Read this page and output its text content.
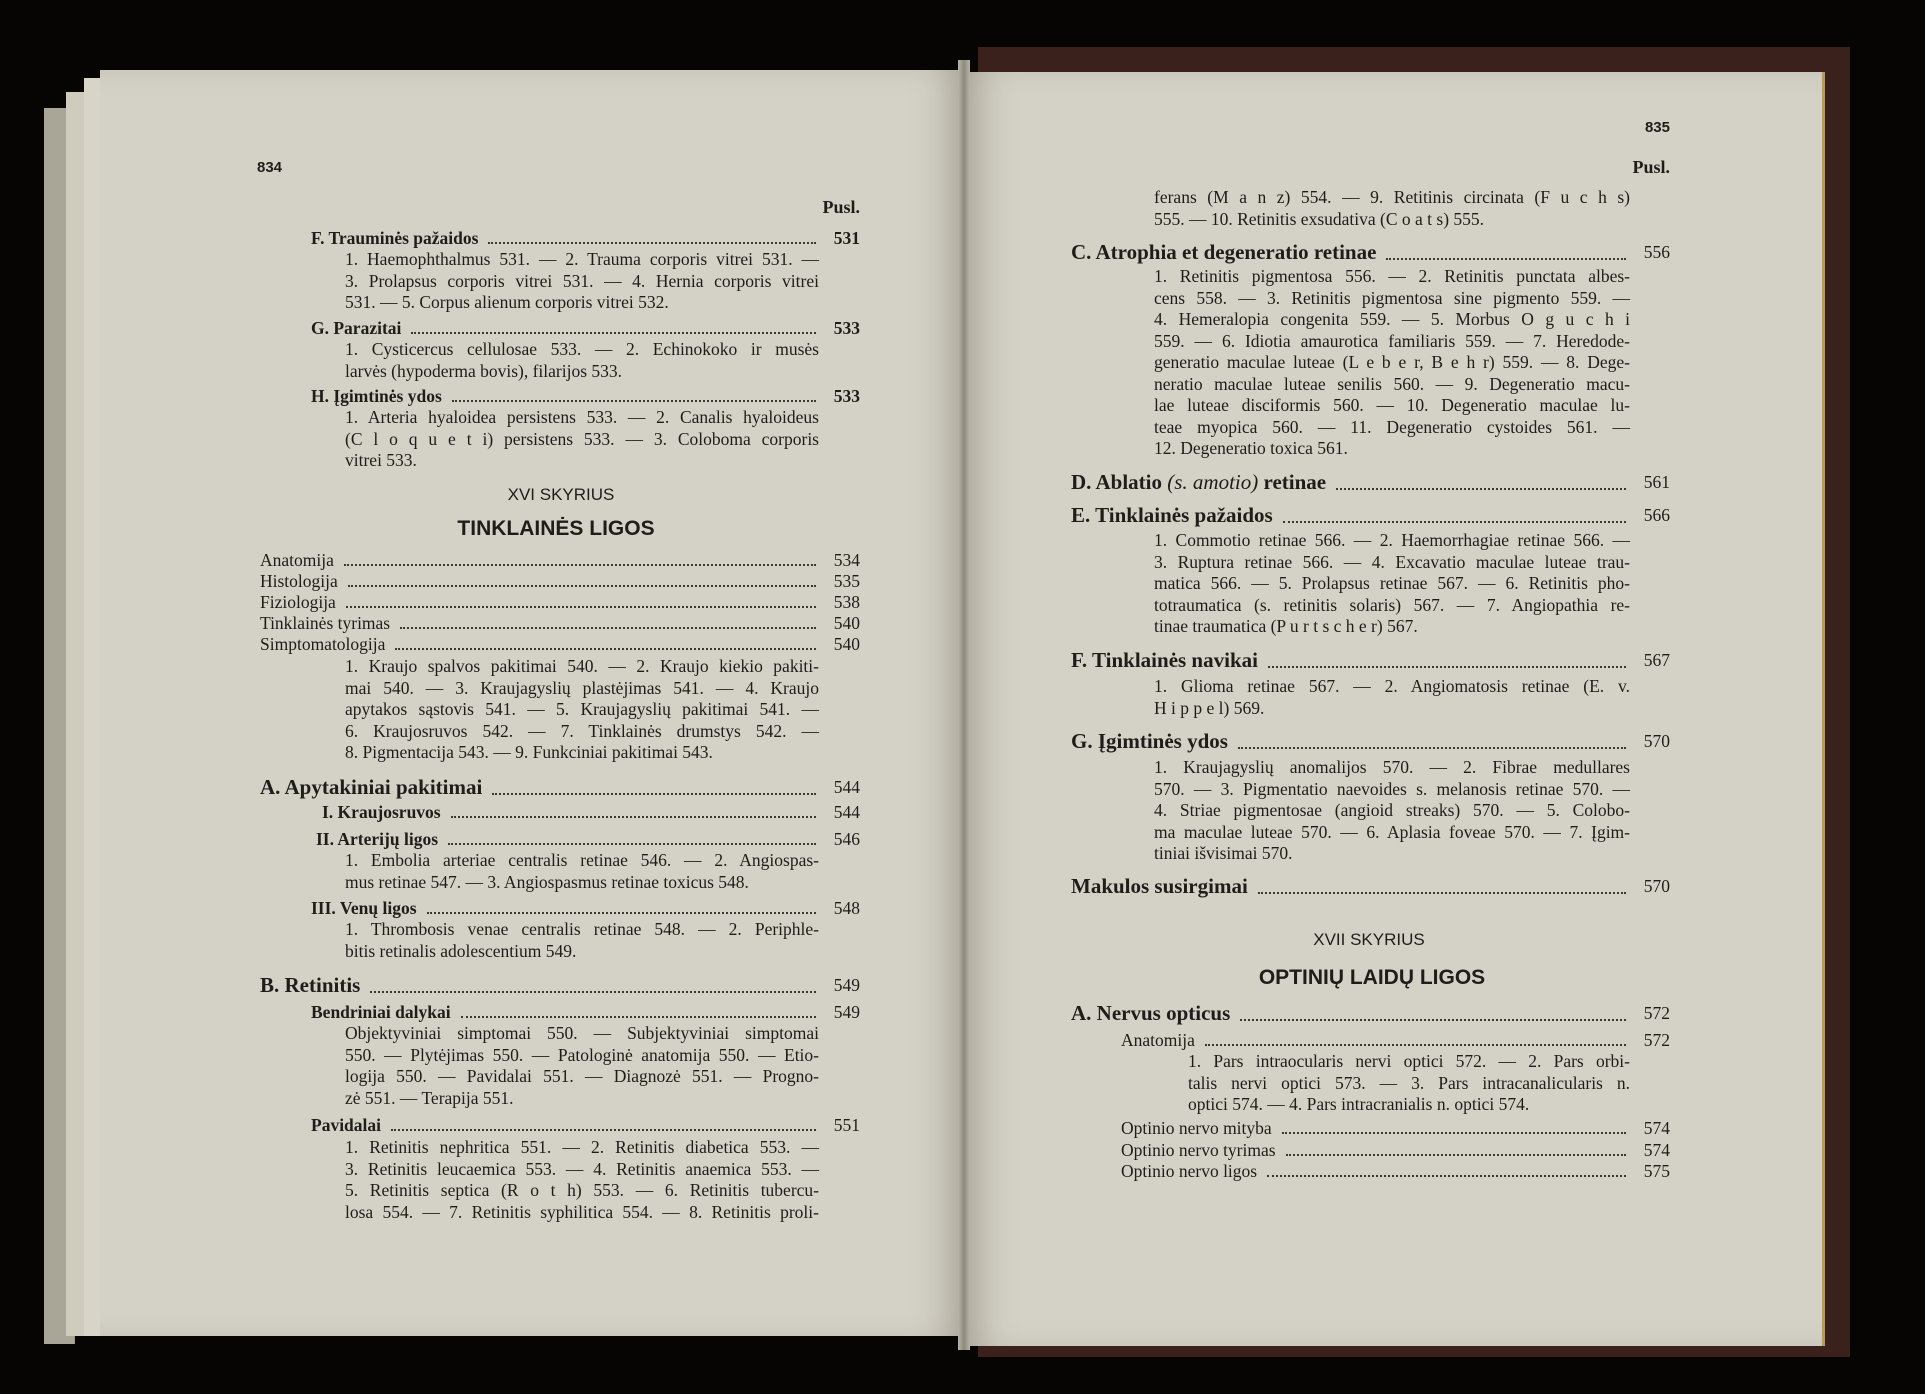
834
Pusl.
F. Trauminės pažaidos	531
1. Haemophthalmus 531. — 2. Trauma corporis vitrei 531. —
3. Prolapsus corporis vitrei 531. — 4. Hernia corporis vitrei
531. — 5. Corpus alienum corporis vitrei 532.
G. Parazitai	533
1. Cysticercus cellulosae 533. — 2. Echinokoko ir musės
larvės (hypoderma bovis), filarijos 533.
H. Įgimtinės ydos	533
1. Arteria hyaloidea persistens 533. — 2. Canalis hyaloideus
(C l o q u e t i) persistens 533. — 3. Coloboma corporis
vitrei 533.
XVI SKYRIUS
TINKLAINĖS LIGOS
Anatomija	534
Histologija	535
Fiziologija	538
Tinklainės tyrimas	540
Simptomatologija	540
1. Kraujo spalvos pakitimai 540. — 2. Kraujo kiekio pakiti-
mai 540. — 3. Kraujagyslių plastėjimas 541. — 4. Kraujo
apytakos sąstovis 541. — 5. Kraujagyslių pakitimai 541. —
6. Kraujosruvos 542. — 7. Tinklainės drumstys 542. —
8. Pigmentacija 543. — 9. Funkciniai pakitimai 543.
A. Apytakiniai pakitimai	544
I. Kraujosruvos	544
II. Arterijų ligos	546
1. Embolia arteriae centralis retinae 546. — 2. Angiospas-
mus retinae 547. — 3. Angiospasmus retinae toxicus 548.
III. Venų ligos	548
1. Thrombosis venae centralis retinae 548. — 2. Periphle-
bitis retinalis adolescentium 549.
B. Retinitis	549
Bendriniai dalykai	549
Objektyviniai simptomai 550. — Subjektyviniai simptomai
550. — Plytėjimas 550. — Patologinė anatomija 550. — Etio-
logija 550. — Pavidalai 551. — Diagnozė 551. — Progno-
zė 551. — Terapija 551.
Pavidalai	551
1. Retinitis nephritica 551. — 2. Retinitis diabetica 553. —
3. Retinitis leucaemica 553. — 4. Retinitis anaemica 553. —
5. Retinitis septica (R o t h) 553. — 6. Retinitis tubercu-
losa 554. — 7. Retinitis syphilitica 554. — 8. Retinitis proli-
835
Pusl.
ferans (M a n z) 554. — 9. Retitinis circinata (F u c h s)
555. — 10. Retinitis exsudativa (C o a t s) 555.
C. Atrophia et degeneratio retinae	556
1. Retinitis pigmentosa 556. — 2. Retinitis punctata albes-
cens 558. — 3. Retinitis pigmentosa sine pigmento 559. —
4. Hemeralopia congenita 559. — 5. Morbus O g u c h i
559. — 6. Idiotia amaurotica familiaris 559. — 7. Heredode-
generatio maculae luteae (L e b e r, B e h r) 559. — 8. Dege-
neratio maculae luteae senilis 560. — 9. Degeneratio macu-
lae luteae disciformis 560. — 10. Degeneratio maculae lu-
teae myopica 560. — 11. Degeneratio cystoides 561. —
12. Degeneratio toxica 561.
D. Ablatio (s. amotio) retinae	561
E. Tinklainės pažaidos	566
1. Commotio retinae 566. — 2. Haemorrhagiae retinae 566. —
3. Ruptura retinae 566. — 4. Excavatio maculae luteae trau-
matica 566. — 5. Prolapsus retinae 567. — 6. Retinitis pho-
totraumatica (s. retinitis solaris) 567. — 7. Angiopathia re-
tinae traumatica (P u r t s c h e r) 567.
F. Tinklainės navikai	567
1. Glioma retinae 567. — 2. Angiomatosis retinae (E. v.
H i p p e l) 569.
G. Įgimtinės ydos	570
1. Kraujagyslių anomalijos 570. — 2. Fibrae medullares
570. — 3. Pigmentatio naevoides s. melanosis retinae 570. —
4. Striae pigmentosae (angioid streaks) 570. — 5. Colobo-
ma maculae luteae 570. — 6. Aplasia foveae 570. — 7. Įgim-
tiniai išvisimai 570.
Makulos susirgimai	570
XVII SKYRIUS
OPTINIŲ LAIDŲ LIGOS
A. Nervus opticus	572
Anatomija	572
1. Pars intraocularis nervi optici 572. — 2. Pars orbi-
talis nervi optici 573. — 3. Pars intracanalicularis n.
optici 574. — 4. Pars intracranialis n. optici 574.
Optinio nervo mityba	574
Optinio nervo tyrimas	574
Optinio nervo ligos	575
